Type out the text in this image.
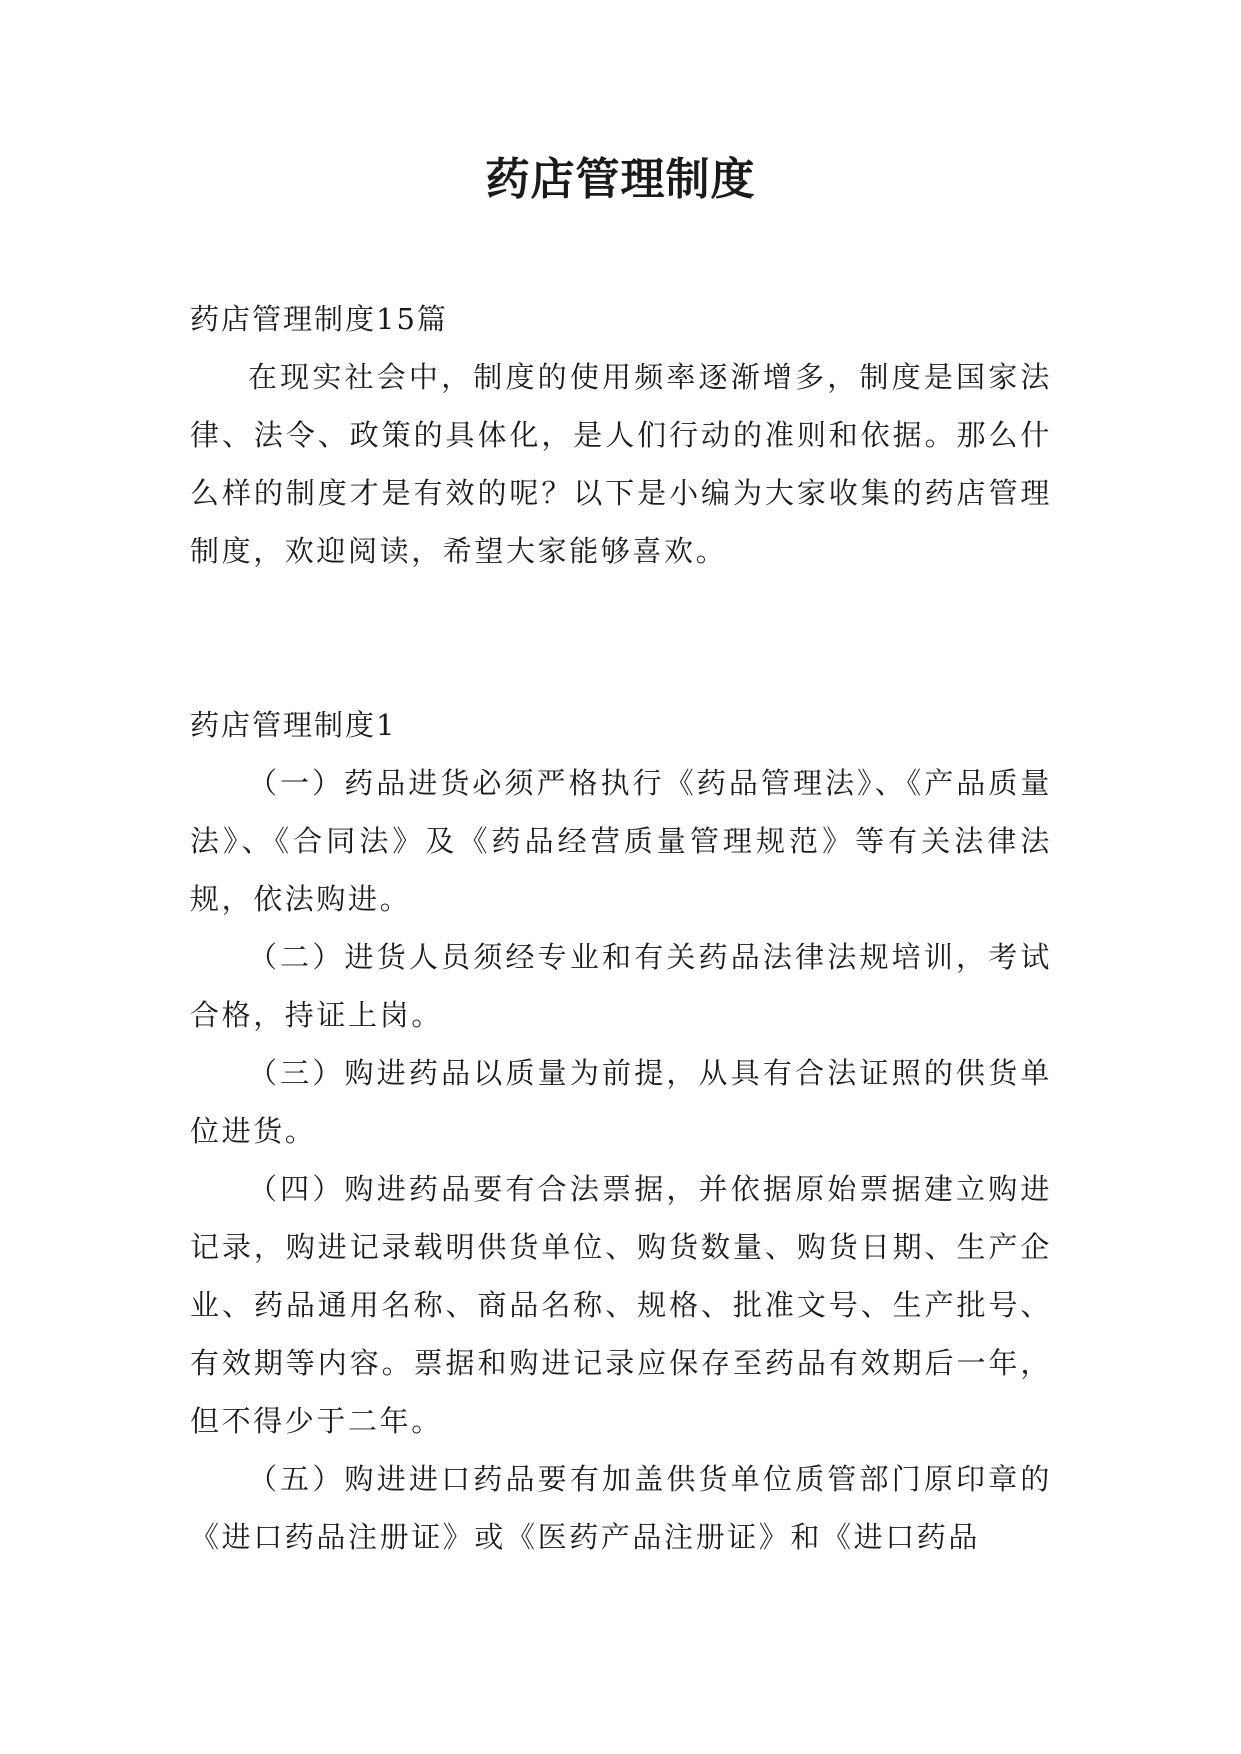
药店管理制度

药店管理制度15篇

在现实社会中，制度的使用频率逐渐增多，制度是国家法律、法令、政策的具体化，是人们行动的准则和依据。那么什么样的制度才是有效的呢？以下是小编为大家收集的药店管理制度，欢迎阅读，希望大家能够喜欢。

药店管理制度1

（一）药品进货必须严格执行《药品管理法》、《产品质量法》、《合同法》及《药品经营质量管理规范》等有关法律法规，依法购进。

（二）进货人员须经专业和有关药品法律法规培训，考试合格，持证上岗。

（三）购进药品以质量为前提，从具有合法证照的供货单位进货。

（四）购进药品要有合法票据，并依据原始票据建立购进记录，购进记录载明供货单位、购货数量、购货日期、生产企业、药品通用名称、商品名称、规格、批准文号、生产批号、有效期等内容。票据和购进记录应保存至药品有效期后一年，但不得少于二年。

（五）购进进口药品要有加盖供货单位质管部门原印章的《进口药品注册证》或《医药产品注册证》和《进口药品
